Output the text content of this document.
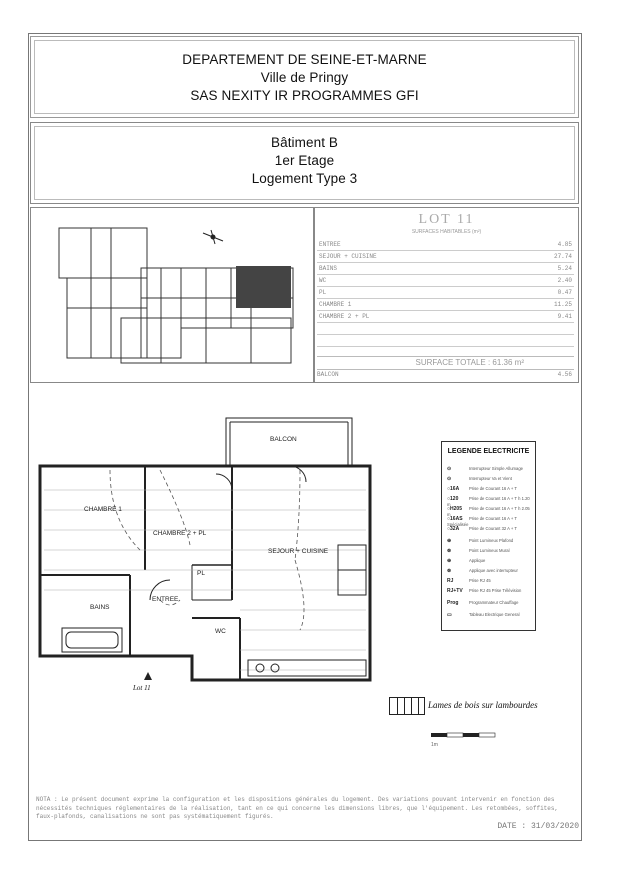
DEPARTEMENT DE SEINE-ET-MARNE
Ville de Pringy
SAS NEXITY IR PROGRAMMES GFI
Bâtiment B
1er Etage
Logement Type 3
LOT 11
SURFACES HABITABLES (m²)
ENTREE	4.85
SEJOUR + CUISINE	27.74
BAINS	5.24
WC	2.40
PL	0.47
CHAMBRE 1	11.25
CHAMBRE 2 + PL	9.41
SURFACE TOTALE : 61.36 m²
BALCON	4.56
CHAMBRE 1
CHAMBRE 2 + PL
SEJOUR + CUISINE
BAINS
ENTREE
WC
PL
BALCON
Lot 11
LEGENDE ELECTRICITE
⊙	Interrupteur Simple Allumage
⊙	Interrupteur Va et Vient
○16A Prise de Courant 16 A + T
○120	Prise de Courant 16 A + T h 1.20 m
○H205 Prise de Courant 16 A + T h 2.05 m
○16AS Prise de Courant 16 A + T Spécialisée
○32A Prise de Courant 32 A + T
⊕	Point Lumineux Plafond
⊗	Point Lumineux Mural
⊕	Applique
⊗	Applique avec interrupteur
RJ	Prise RJ 45
RJ+TV Prise RJ 45 Prise Télévision
Prog	Programmateur Chauffage
▭	Tableau Electrique General
Lames de bois sur lambourdes
1m
NOTA : Le présent document exprime la configuration et les dispositions générales du logement. Des variations pouvant intervenir en fonction des nécessités techniques réglementaires de la réalisation, tant en ce qui concerne les dimensions libres, que l'équipement. Les retombées, soffites, faux-plafonds, canalisations ne sont pas systématiquement figurés.
DATE : 31/03/2020
